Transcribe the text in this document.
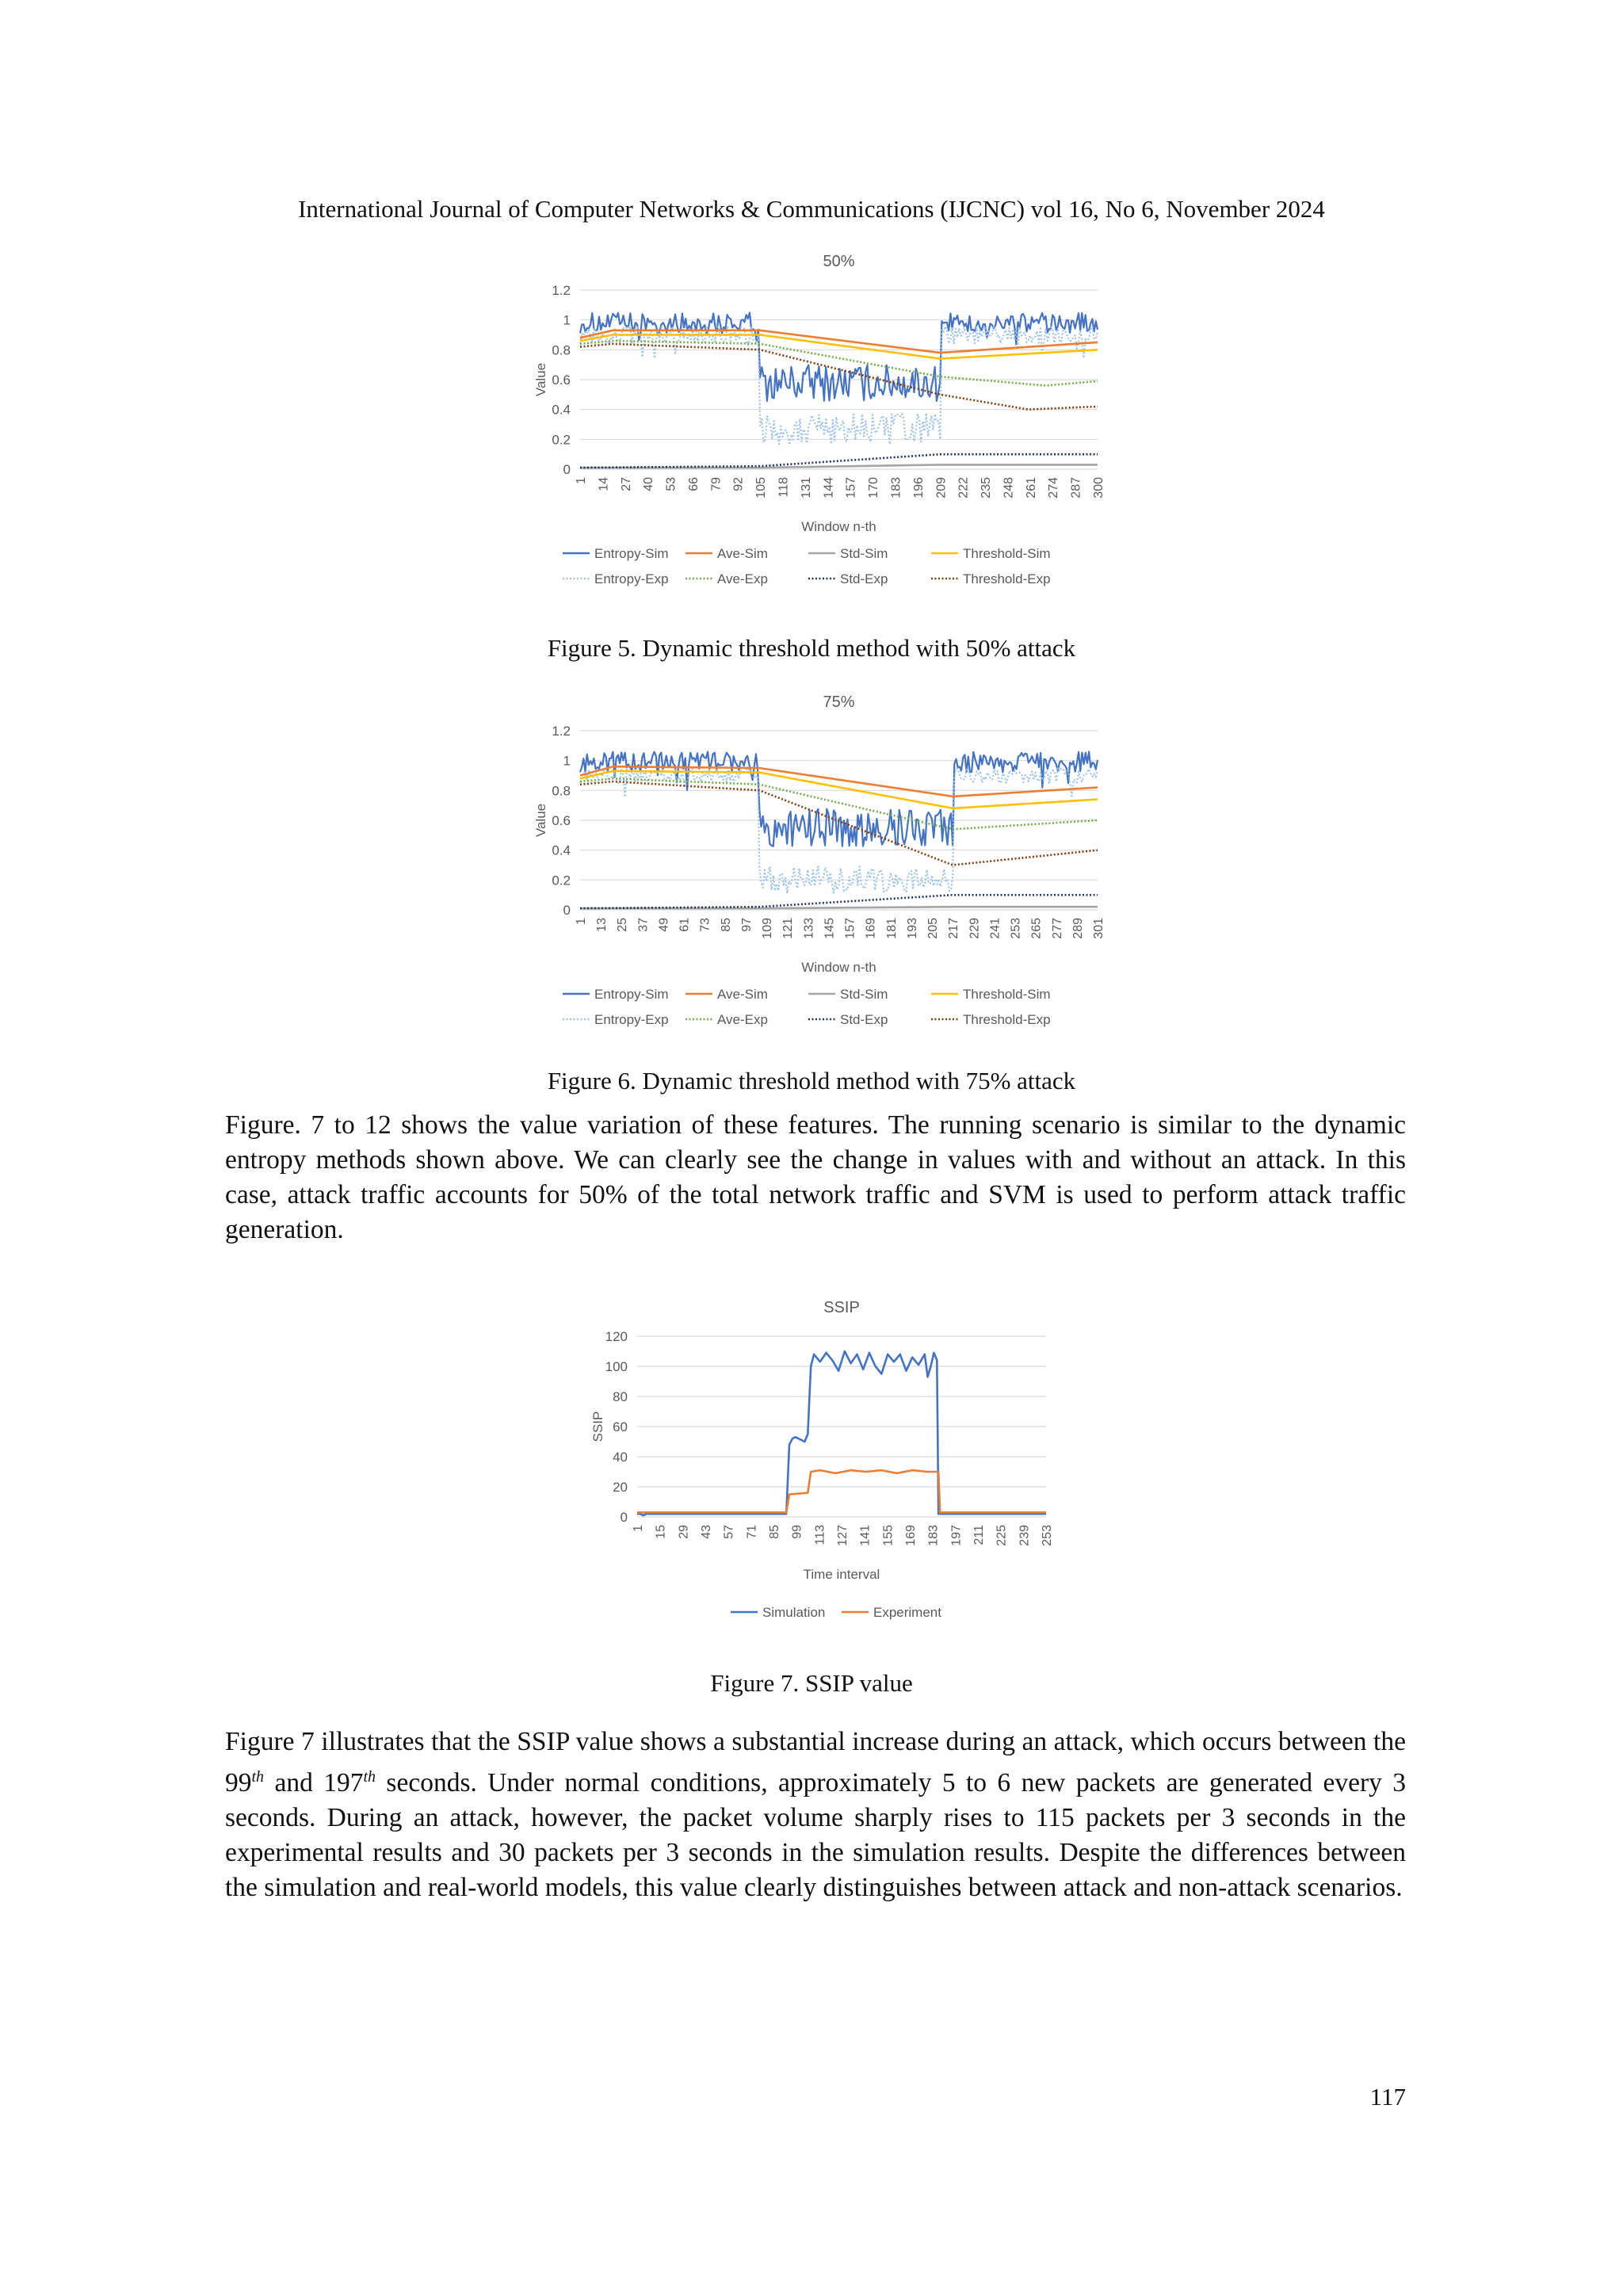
International Journal of Computer Networks & Communications (IJCNC) vol 16, No 6, November 2024
50%
0
0.2
0.4
0.6
0.8
1
1.2
1 14 27 40 53 66 79 92 105 118 131 144 157 170 183 196 209 222 235 248 261 274 287 300
Value
Window n-th
Entropy-Sim	Ave-Sim	Std-Sim	Threshold-Sim
Entropy-Exp	Ave-Exp	Std-Exp	Threshold-Exp
Figure 5. Dynamic threshold method with 50% attack
75%
0
0.2
0.4
0.6
0.8
1
1.2
1 13 25 37 49 61 73 85 97 109 121 133 145 157 169 181 193 205 217 229 241 253 265 277 289 301
Value
Window n-th
Entropy-Sim	Ave-Sim	Std-Sim	Threshold-Sim
Entropy-Exp	Ave-Exp	Std-Exp	Threshold-Exp
Figure 6. Dynamic threshold method with 75% attack

Figure. 7 to 12 shows the value variation of these features. The running scenario is similar to the dynamic entropy methods shown above. We can clearly see the change in values with and without an attack. In this case, attack traffic accounts for 50% of the total network traffic and SVM is used to perform attack traffic generation.

SSIP
0
20
40
60
80
100
120
1 15 29 43 57 71 85 99 113 127 141 155 169 183 197 211 225 239 253
SSIP
Time interval
Simulation	Experiment
Figure 7. SSIP value

Figure 7 illustrates that the SSIP value shows a substantial increase during an attack, which occurs between the 99th and 197th seconds. Under normal conditions, approximately 5 to 6 new packets are generated every 3 seconds. During an attack, however, the packet volume sharply rises to 115 packets per 3 seconds in the experimental results and 30 packets per 3 seconds in the simulation results. Despite the differences between the simulation and real-world models, this value clearly distinguishes between attack and non-attack scenarios.

117
